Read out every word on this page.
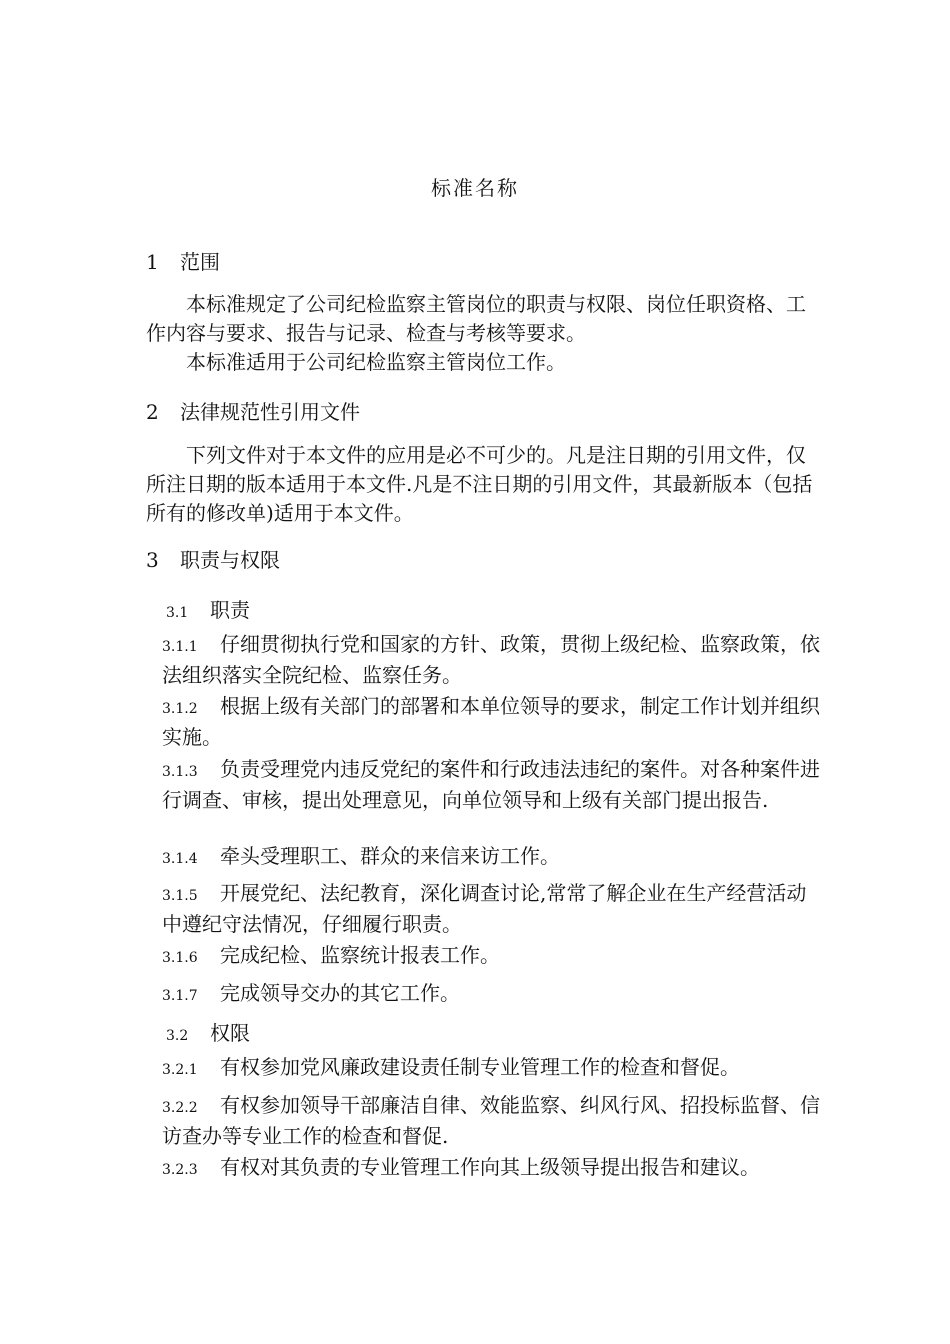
标准名称
1 范围
本标准规定了公司纪检监察主管岗位的职责与权限、岗位任职资格、工作内容与要求、报告与记录、检查与考核等要求。
本标准适用于公司纪检监察主管岗位工作。
2 法律规范性引用文件
下列文件对于本文件的应用是必不可少的。凡是注日期的引用文件，仅所注日期的版本适用于本文件.凡是不注日期的引用文件，其最新版本（包括所有的修改单)适用于本文件。
3 职责与权限
3.1 职责
3.1.1 仔细贯彻执行党和国家的方针、政策，贯彻上级纪检、监察政策，依法组织落实全院纪检、监察任务。
3.1.2 根据上级有关部门的部署和本单位领导的要求，制定工作计划并组织实施。
3.1.3 负责受理党内违反党纪的案件和行政违法违纪的案件。对各种案件进行调查、审核，提出处理意见，向单位领导和上级有关部门提出报告.
3.1.4 牵头受理职工、群众的来信来访工作。
3.1.5 开展党纪、法纪教育，深化调查讨论,常常了解企业在生产经营活动中遵纪守法情况，仔细履行职责。
3.1.6 完成纪检、监察统计报表工作。
3.1.7 完成领导交办的其它工作。
3.2 权限
3.2.1 有权参加党风廉政建设责任制专业管理工作的检查和督促。
3.2.2 有权参加领导干部廉洁自律、效能监察、纠风行风、招投标监督、信访查办等专业工作的检查和督促.
3.2.3 有权对其负责的专业管理工作向其上级领导提出报告和建议。
